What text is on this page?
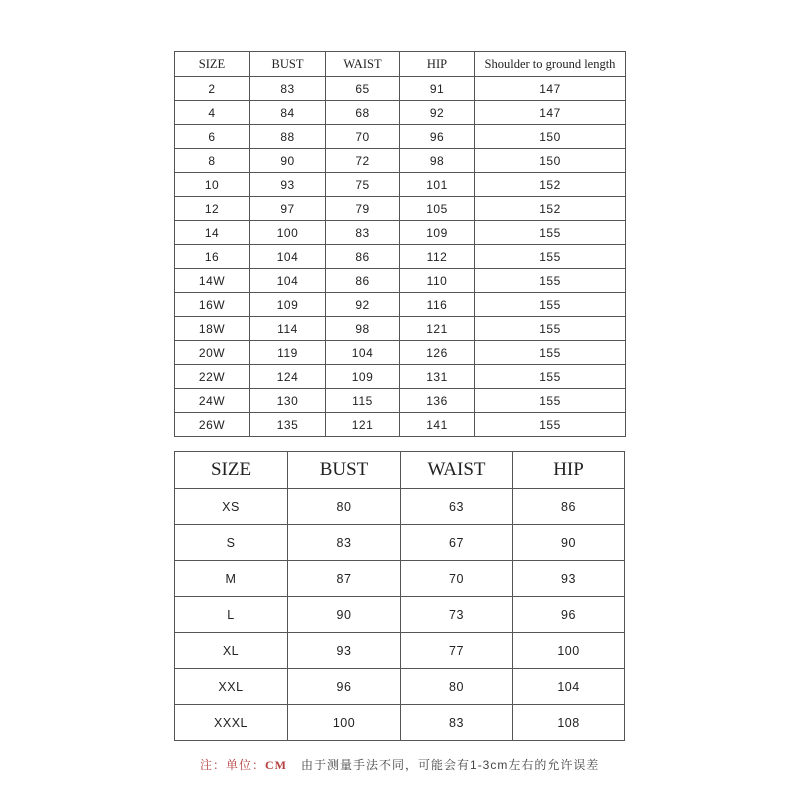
SIZE	BUST	WAIST	HIP	Shoulder to ground length
2	83	65	91	147
4	84	68	92	147
6	88	70	96	150
8	90	72	98	150
10	93	75	101	152
12	97	79	105	152
14	100	83	109	155
16	104	86	112	155
14W	104	86	110	155
16W	109	92	116	155
18W	114	98	121	155
20W	119	104	126	155
22W	124	109	131	155
24W	130	115	136	155
26W	135	121	141	155
SIZE	BUST	WAIST	HIP
XS	80	63	86
S	83	67	90
M	87	70	93
L	90	73	96
XL	93	77	100
XXL	96	80	104
XXXL	100	83	108
注：单位：CM 由于测量手法不同，可能会有1-3cm左右的允许误差
